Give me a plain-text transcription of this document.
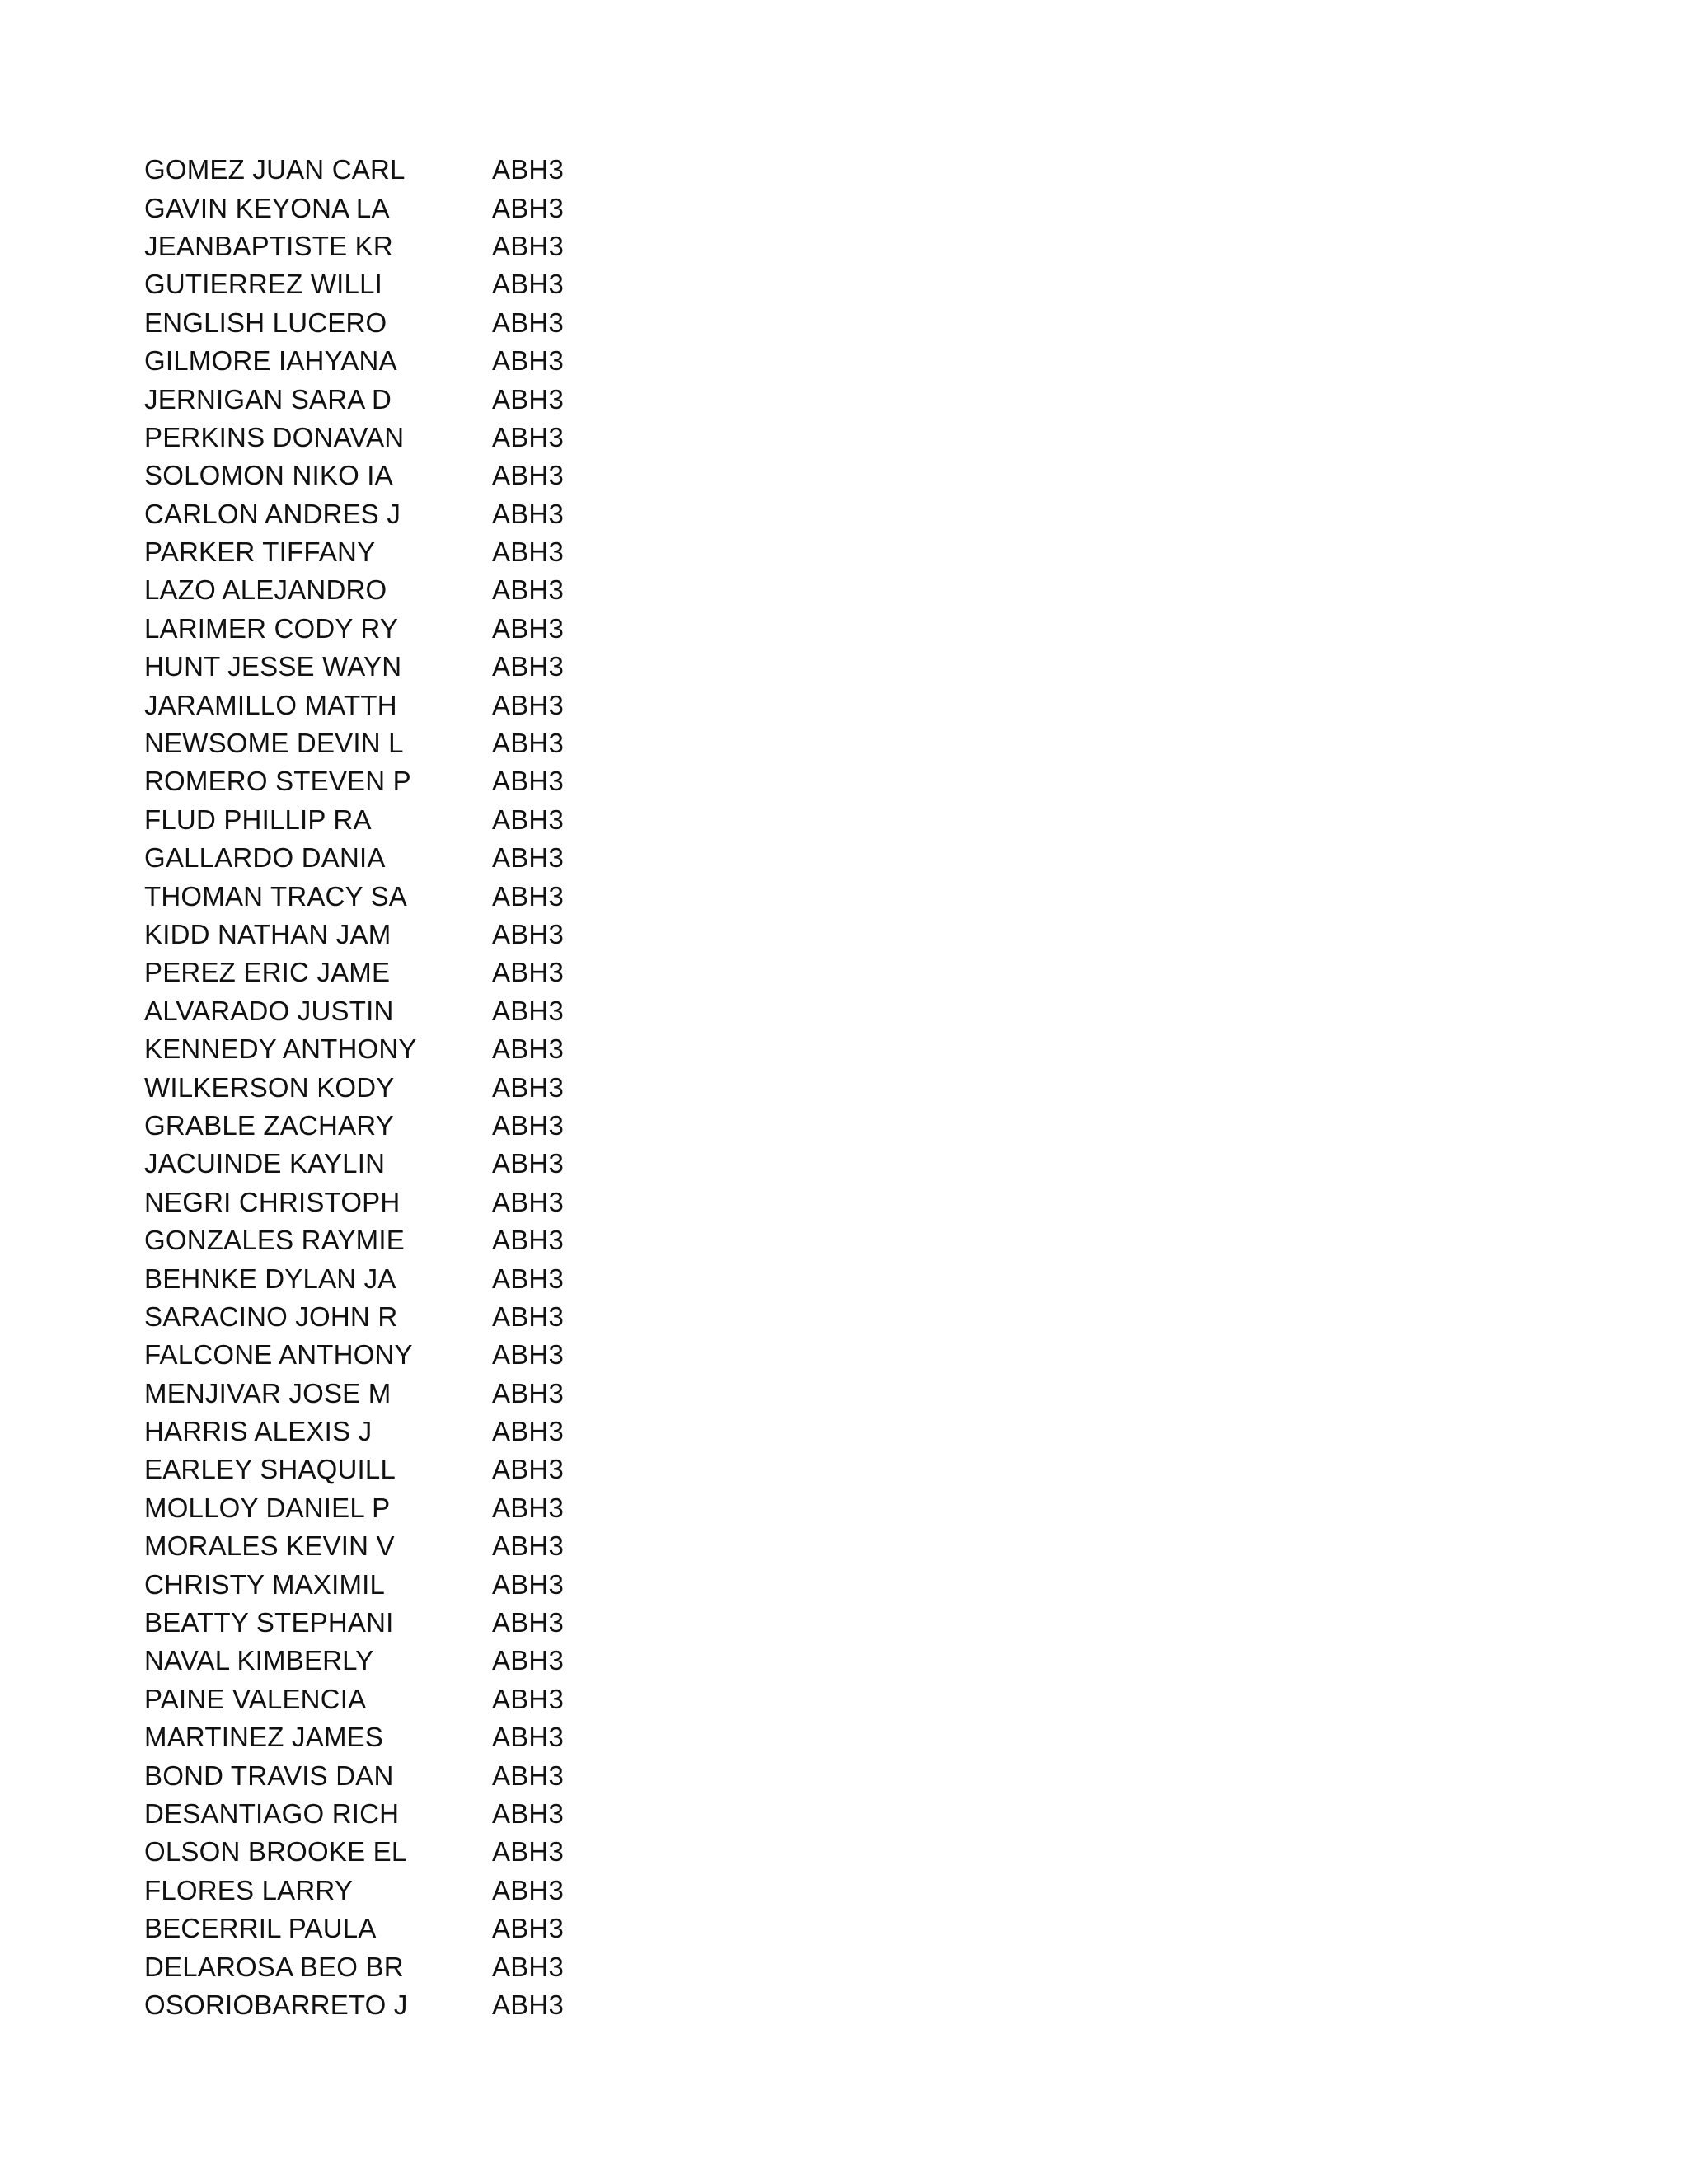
GOMEZ JUAN CARL	ABH3
GAVIN KEYONA LA	ABH3
JEANBAPTISTE KR	ABH3
GUTIERREZ WILLI	ABH3
ENGLISH LUCERO	ABH3
GILMORE IAHYANA	ABH3
JERNIGAN SARA D	ABH3
PERKINS DONAVAN	ABH3
SOLOMON NIKO IA	ABH3
CARLON ANDRES J	ABH3
PARKER TIFFANY	ABH3
LAZO ALEJANDRO	ABH3
LARIMER CODY RY	ABH3
HUNT JESSE WAYN	ABH3
JARAMILLO MATTH	ABH3
NEWSOME DEVIN L	ABH3
ROMERO STEVEN P	ABH3
FLUD PHILLIP RA	ABH3
GALLARDO DANIA	ABH3
THOMAN TRACY SA	ABH3
KIDD NATHAN JAM	ABH3
PEREZ ERIC JAME	ABH3
ALVARADO JUSTIN	ABH3
KENNEDY ANTHONY	ABH3
WILKERSON KODY	ABH3
GRABLE ZACHARY	ABH3
JACUINDE KAYLIN	ABH3
NEGRI CHRISTOPH	ABH3
GONZALES RAYMIE	ABH3
BEHNKE DYLAN JA	ABH3
SARACINO JOHN R	ABH3
FALCONE ANTHONY	ABH3
MENJIVAR JOSE M	ABH3
HARRIS ALEXIS J	ABH3
EARLEY SHAQUILL	ABH3
MOLLOY DANIEL P	ABH3
MORALES KEVIN V	ABH3
CHRISTY MAXIMIL	ABH3
BEATTY STEPHANI	ABH3
NAVAL KIMBERLY	ABH3
PAINE VALENCIA	ABH3
MARTINEZ JAMES	ABH3
BOND TRAVIS DAN	ABH3
DESANTIAGO RICH	ABH3
OLSON BROOKE EL	ABH3
FLORES LARRY	ABH3
BECERRIL PAULA	ABH3
DELAROSA BEO BR	ABH3
OSORIOBARRETO J	ABH3
